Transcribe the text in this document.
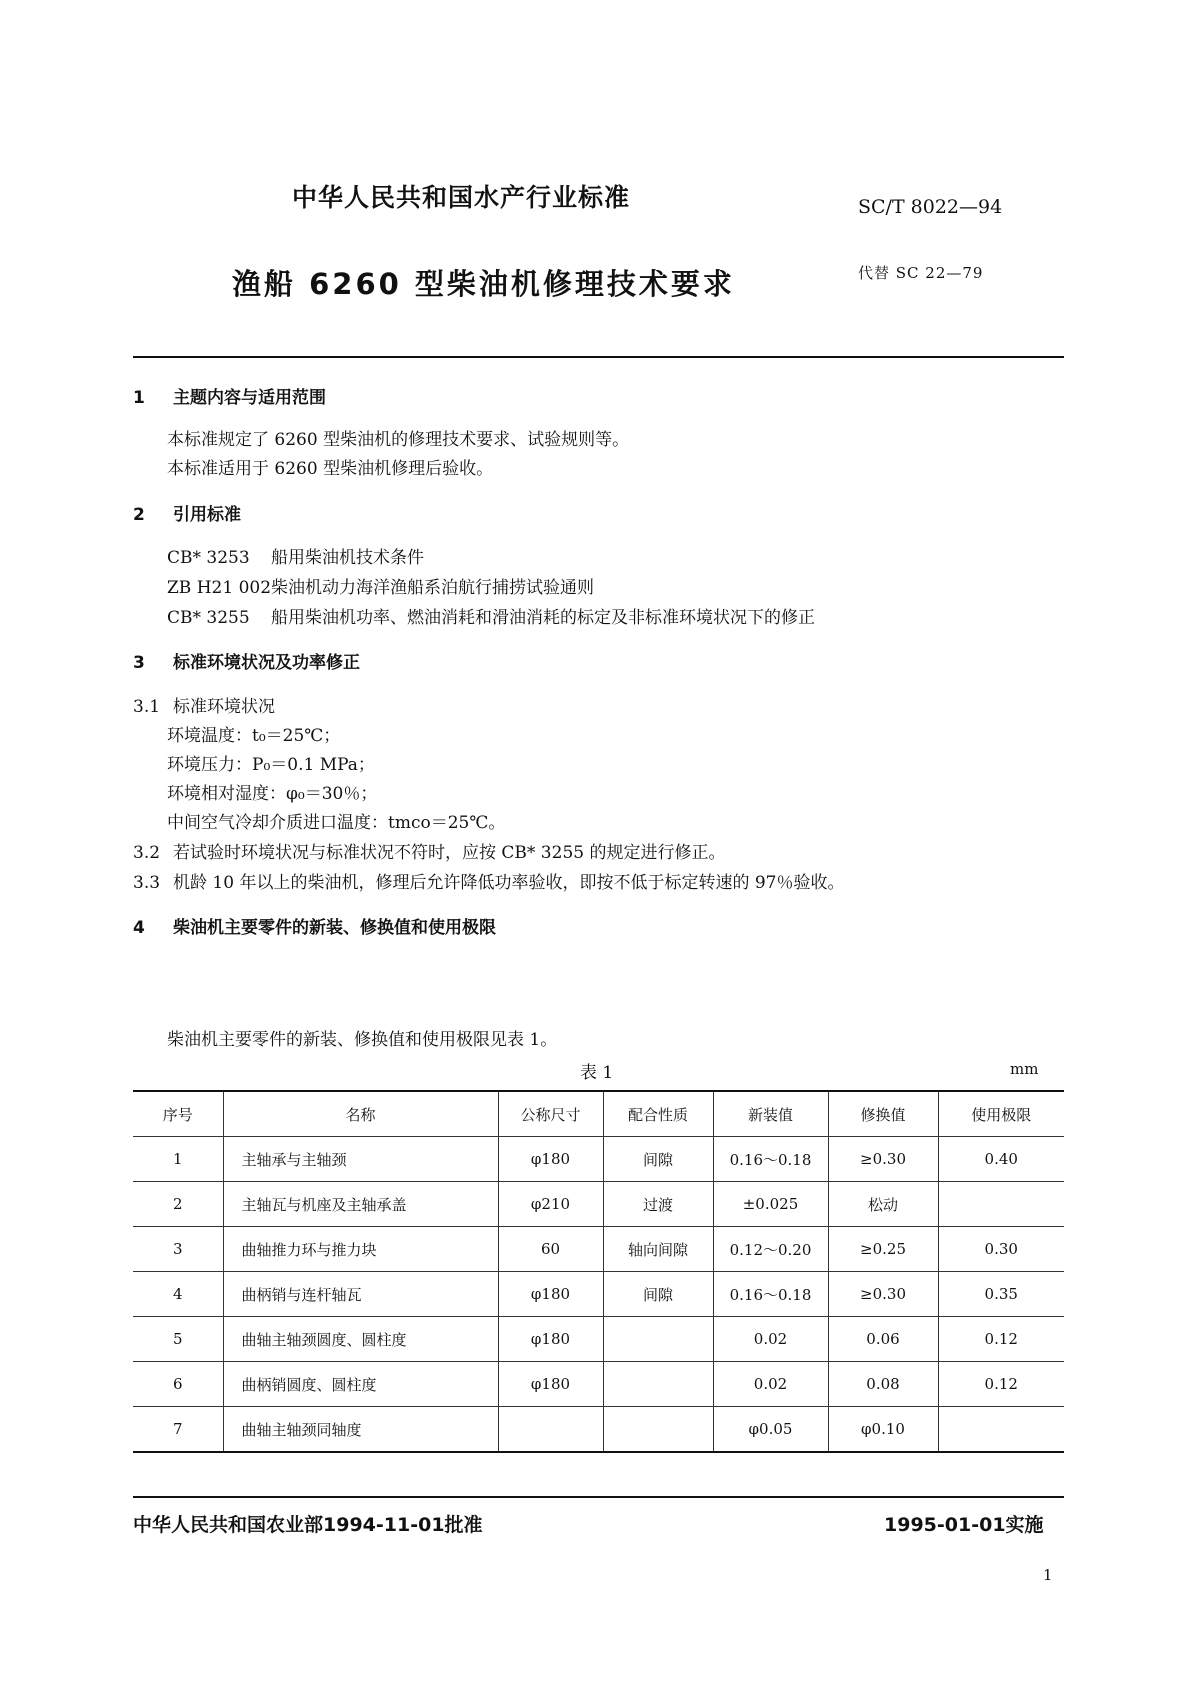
中华人民共和国水产行业标准	SC/T 8022—94
渔船 6260 型柴油机修理技术要求	代替 SC 22—79
1 主题内容与适用范围
本标准规定了 6260 型柴油机的修理技术要求、试验规则等。
本标准适用于 6260 型柴油机修理后验收。
2 引用标准
CB* 3253 船用柴油机技术条件
ZB H21 002柴油机动力海洋渔船系泊航行捕捞试验通则
CB* 3255 船用柴油机功率、燃油消耗和滑油消耗的标定及非标准环境状况下的修正
3 标准环境状况及功率修正
3.1 标准环境状况
环境温度：t₀＝25℃；
环境压力：P₀＝0.1 MPa；
环境相对湿度：φ₀＝30％；
中间空气冷却介质进口温度：tmco＝25℃。
3.2 若试验时环境状况与标准状况不符时，应按 CB* 3255 的规定进行修正。
3.3 机龄 10 年以上的柴油机，修理后允许降低功率验收，即按不低于标定转速的 97％验收。
4 柴油机主要零件的新装、修换值和使用极限
柴油机主要零件的新装、修换值和使用极限见表 1。
表 1	mm
序号	名称	公称尺寸	配合性质	新装值	修换值	使用极限
1	主轴承与主轴颈	φ180	间隙	0.16～0.18	≥0.30	0.40
2	主轴瓦与机座及主轴承盖	φ210	过渡	±0.025	松动	
3	曲轴推力环与推力块	60	轴向间隙	0.12～0.20	≥0.25	0.30
4	曲柄销与连杆轴瓦	φ180	间隙	0.16～0.18	≥0.30	0.35
5	曲轴主轴颈圆度、圆柱度	φ180		0.02	0.06	0.12
6	曲柄销圆度、圆柱度	φ180		0.02	0.08	0.12
7	曲轴主轴颈同轴度			φ0.05	φ0.10	
中华人民共和国农业部1994-11-01批准	1995-01-01实施
1
